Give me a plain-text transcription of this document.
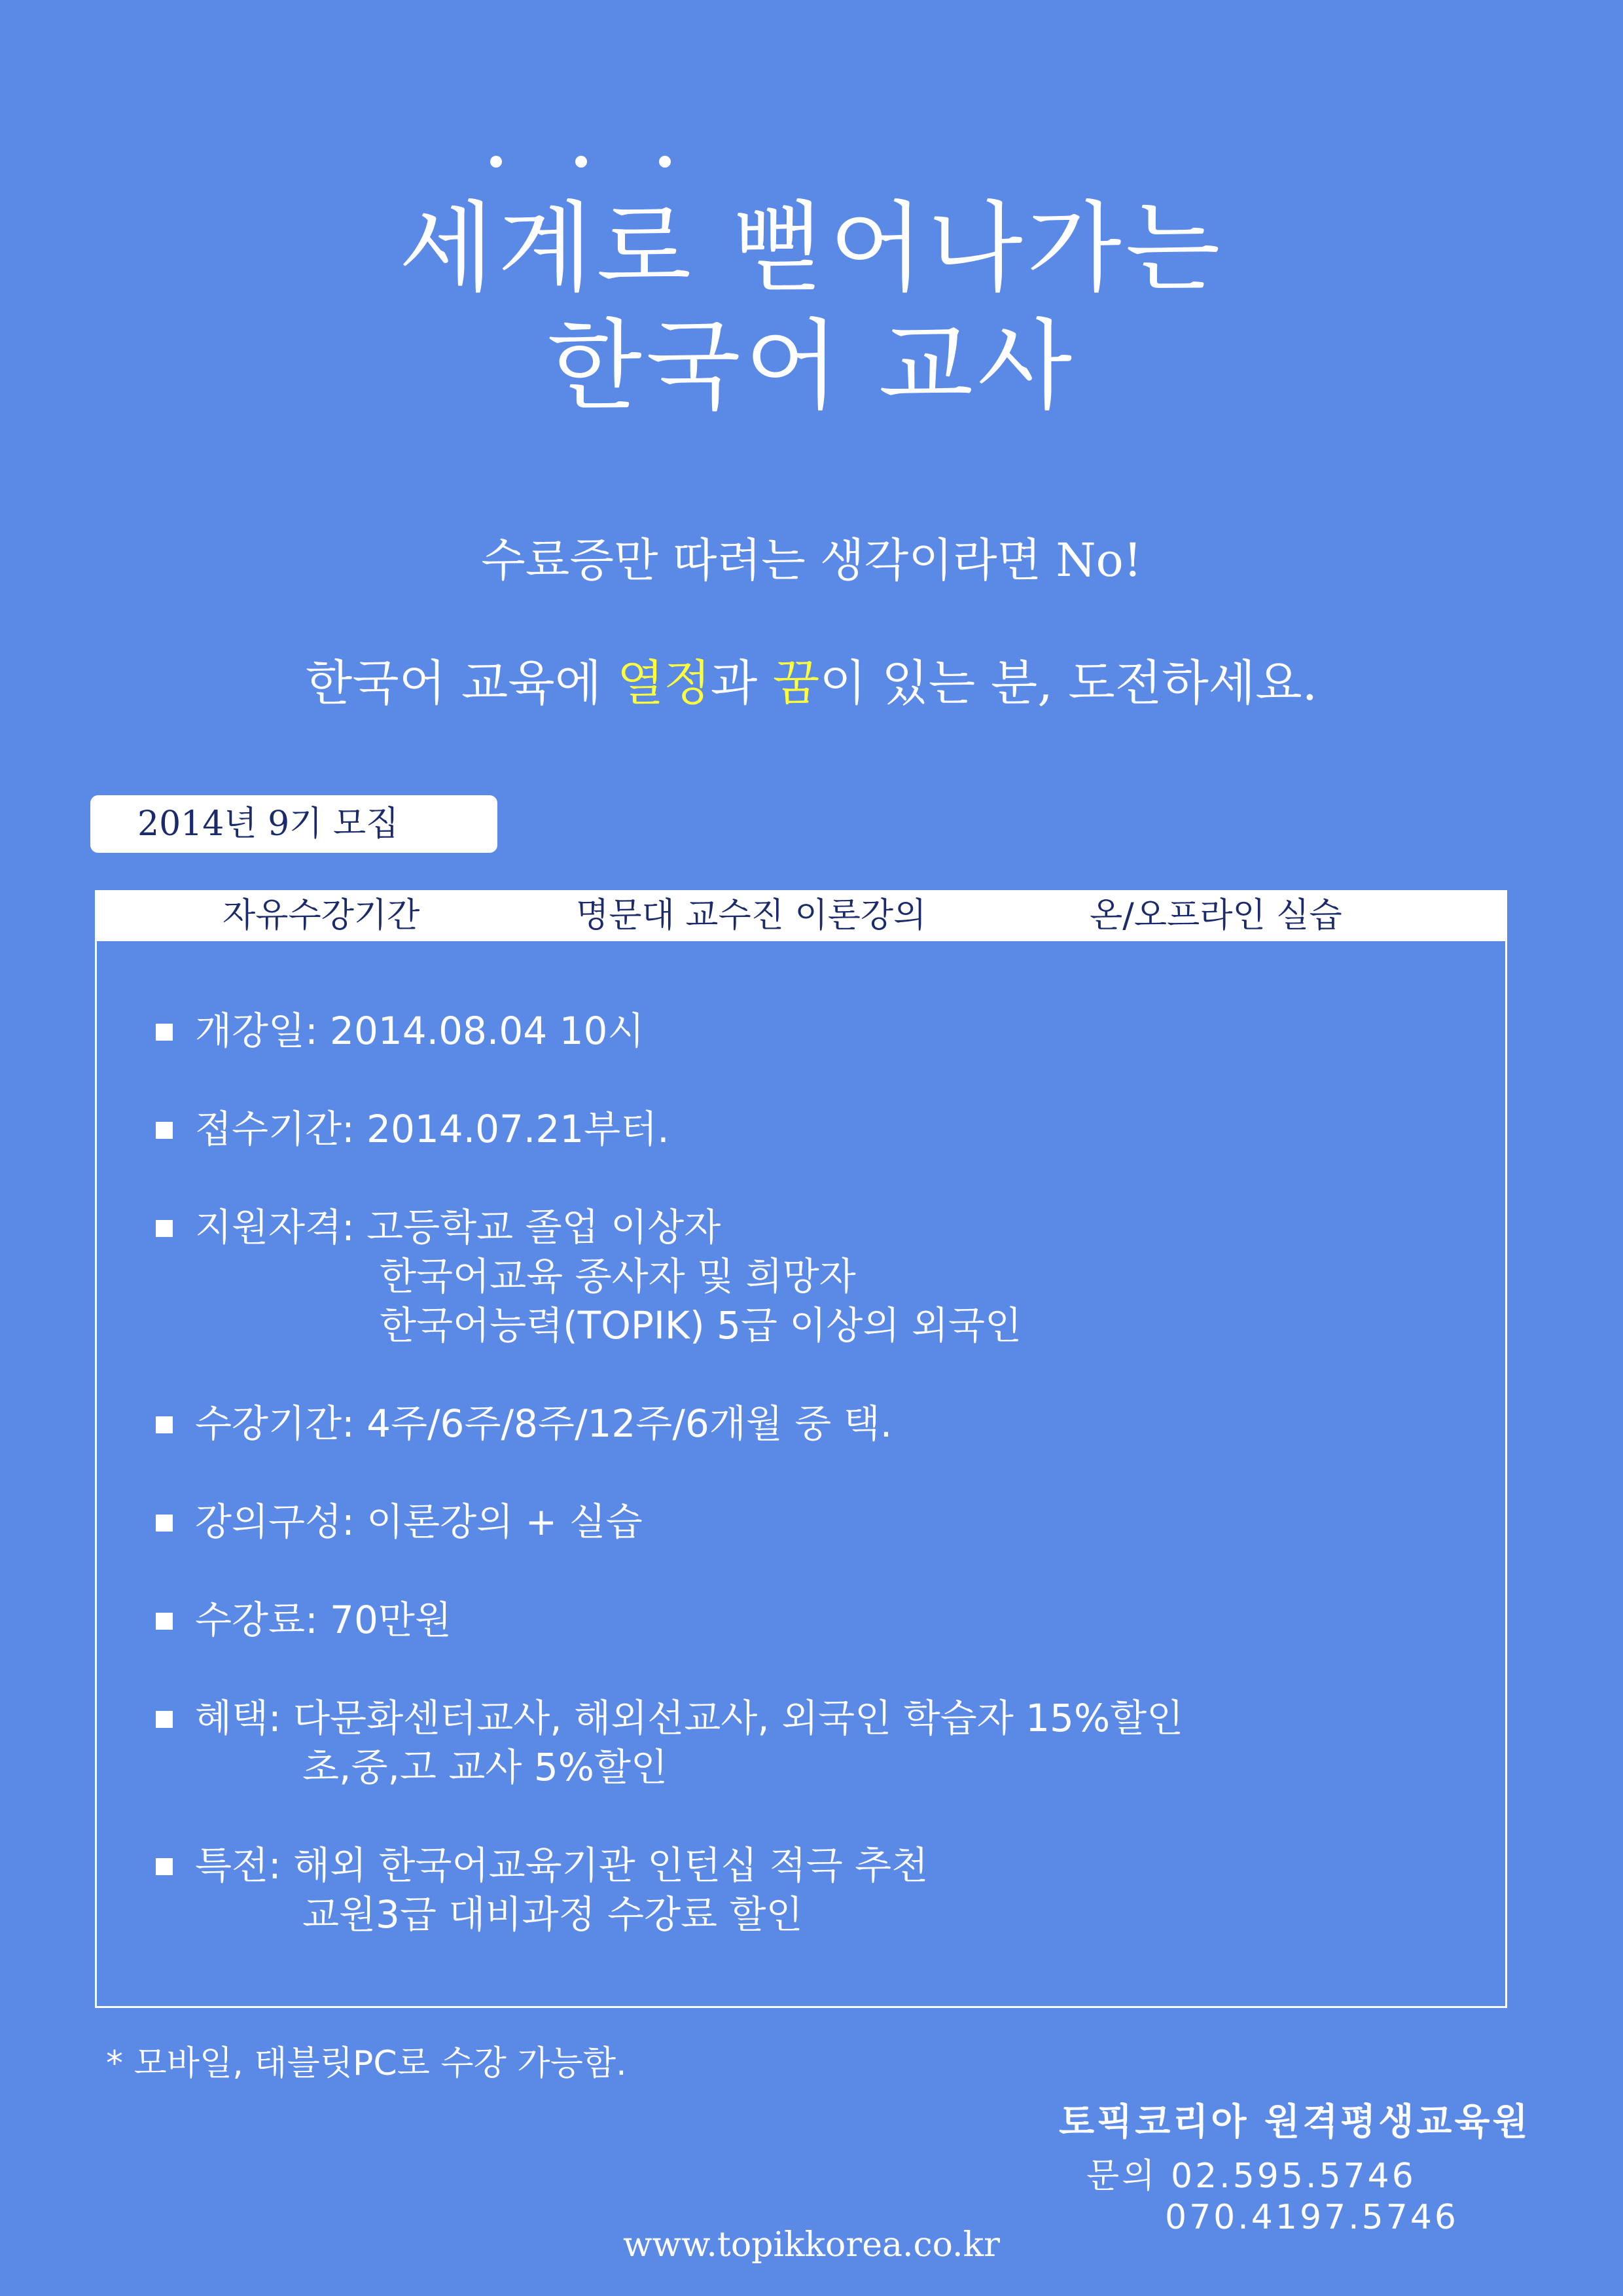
세계로 뻗어나가는
한국어 교사
수료증만 따려는 생각이라면 No!
한국어 교육에 열정과 꿈이 있는 분, 도전하세요.
2014년 9기 모집
자유수강기간	명문대 교수진 이론강의	온/오프라인 실습

개강일: 2014.08.04 10시

접수기간: 2014.07.21부터.

지원자격: 고등학교 졸업 이상자

한국어교육 종사자 및 희망자
한국어능력(TOPIK) 5급 이상의 외국인

수강기간: 4주/6주/8주/12주/6개월 중 택.

강의구성: 이론강의 + 실습

수강료: 70만원

혜택: 다문화센터교사, 해외선교사, 외국인 학습자 15%할인

초,중,고 교사 5%할인

특전: 해외 한국어교육기관 인턴십 적극 추천

교원3급 대비과정 수강료 할인
* 모바일, 태블릿PC로 수강 가능함.
토픽코리아 원격평생교육원
문의 02.595.5746
070.4197.5746
www.topikkorea.co.kr
